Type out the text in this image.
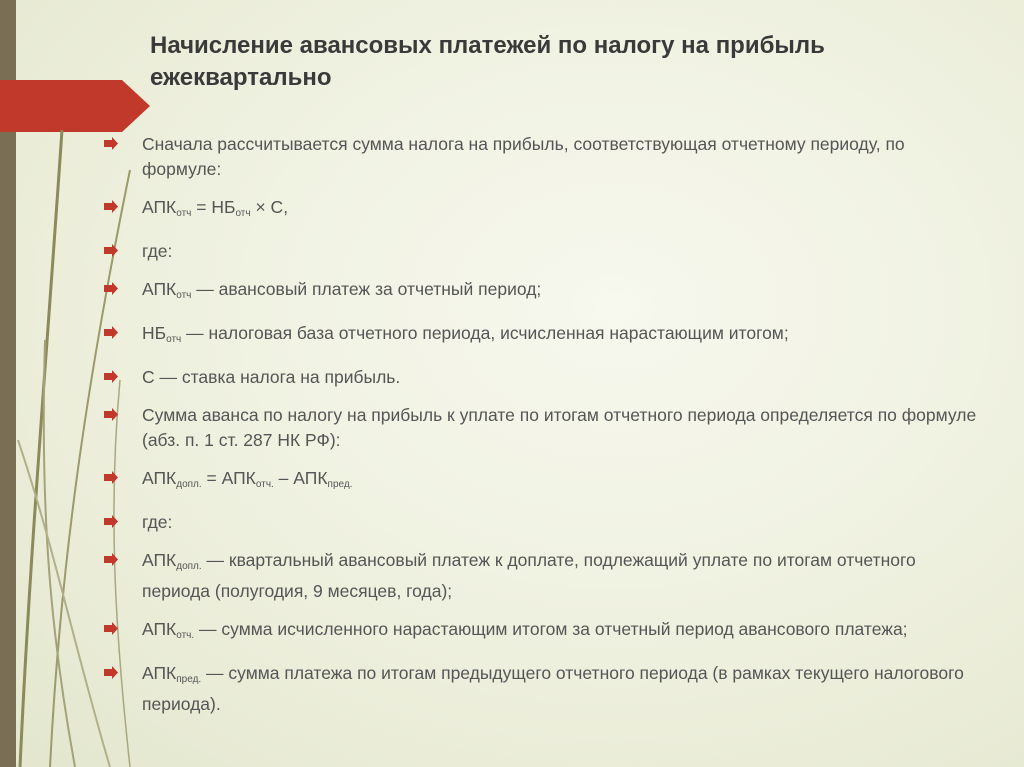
Начисление авансовых платежей по налогу на прибыль ежеквартально
Сначала рассчитывается сумма налога на прибыль, соответствующая отчетному периоду, по формуле:
$АПК_{отч} = НБ_{отч} \times С$,
где:
$АПК_{отч}$ — авансовый платеж за отчетный период;
$НБ_{отч}$ — налоговая база отчетного периода, исчисленная нарастающим итогом;
С — ставка налога на прибыль.
Сумма аванса по налогу на прибыль к уплате по итогам отчетного периода определяется по формуле (абз. п. 1 ст. 287 НК РФ):
$АПК_{допл.} = АПК_{отч.} - АПК_{пред.}$
где:
$АПК_{допл.}$ — квартальный авансовый платеж к доплате, подлежащий уплате по итогам отчетного периода (полугодия, 9 месяцев, года);
$АПК_{отч.}$ — сумма исчисленного нарастающим итогом за отчетный период авансового платежа;
$АПК_{пред.}$ — сумма платежа по итогам предыдущего отчетного периода (в рамках текущего налогового периода).
